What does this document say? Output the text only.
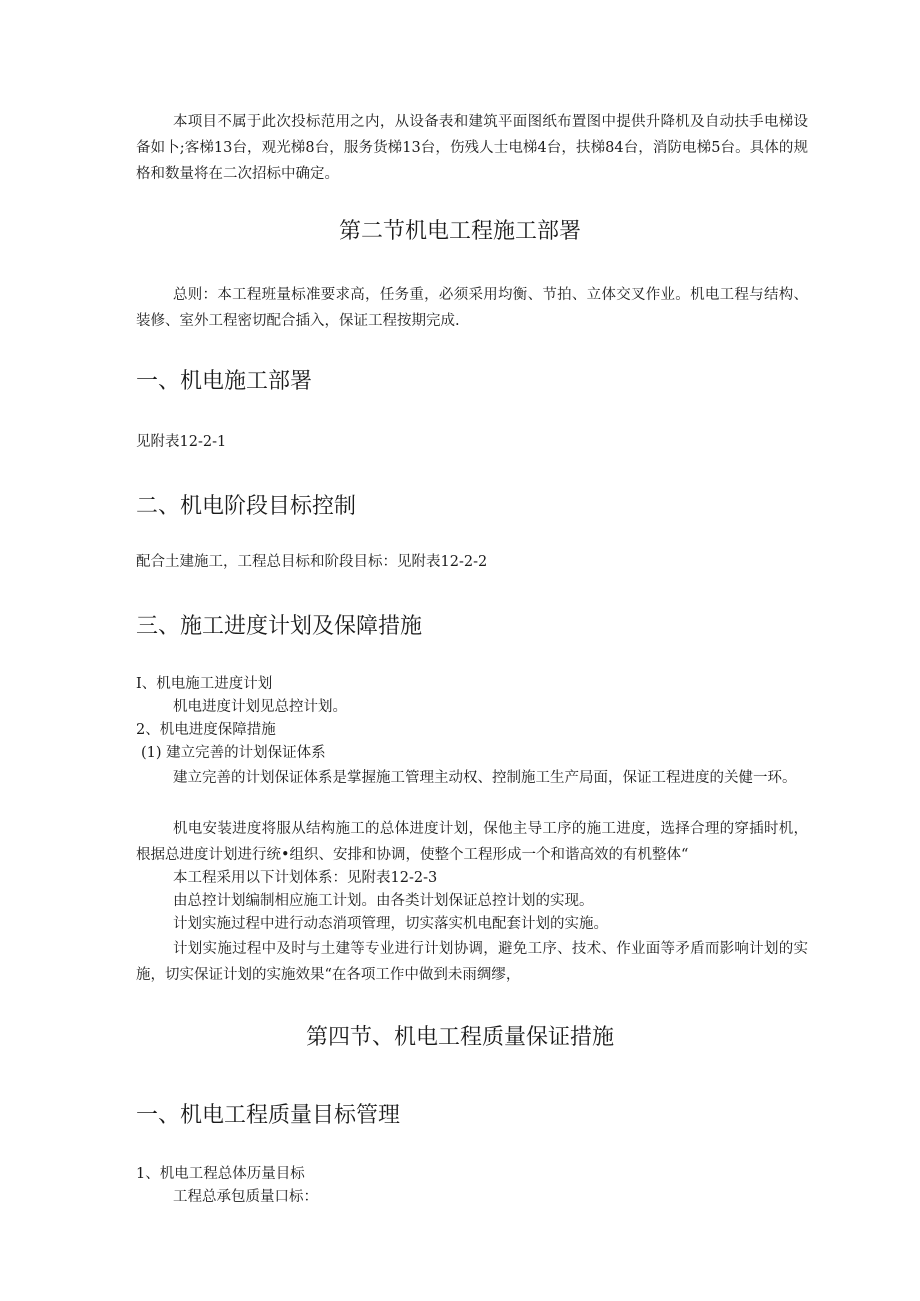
本项目不属于此次投标范用之内，从设备表和建筑平面图纸布置图中提供升降机及自动扶手电梯设备如卜;客梯13台，观光梯8台，服务货梯13台，伤残人士电梯4台，扶梯84台，消防电梯5台。具体的规格和数量将在二次招标中确定。

第二节机电工程施工部署

总则：本工程班量标准要求高，任务重，必须采用均衡、节拍、立体交叉作业。机电工程与结构、装修、室外工程密切配合插入，保证工程按期完成.

一、机电施工部署

见附表12-2-1

二、机电阶段目标控制

配合土建施工，工程总目标和阶段目标：见附表12-2-2

三、施工进度计划及保障措施

I、机电施工进度计划

机电进度计划见总控计划。

2、机电进度保障措施

(1) 建立完善的计划保证体系

建立完善的计划保证体系是掌握施工管理主动权、控制施工生产局面，保证工程进度的关健一环。

机电安装进度将服从结构施工的总体进度计划，保他主导工序的施工进度，选择合理的穿插时机，根据总进度计划进行统•组织、安排和协调，使整个工程形成一个和谐高效的有机整体“

本工程采用以下计划体系：见附表12-2-3

由总控计划编制相应施工计划。由各类计划保证总控计划的实现。

计划实施过程中进行动态消项管理，切实落实机电配套计划的实施。

计划实施过程中及时与土建等专业进行计划协调，避免工序、技术、作业面等矛盾而影响计划的实施，切实保证计划的实施效果“在各项工作中做到未雨绸缪，

第四节、机电工程质量保证措施
一、机电工程质量目标管理

1、机电工程总体历量目标

工程总承包质量口标：
